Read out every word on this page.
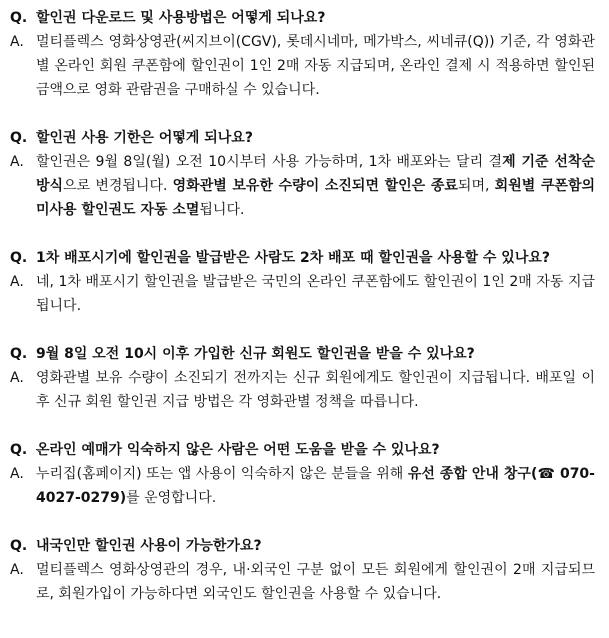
Q. 할인권 다운로드 및 사용방법은 어떻게 되나요?
A. 멀티플렉스 영화상영관(씨지브이(CGV), 롯데시네마, 메가박스, 씨네큐(Q)) 기준, 각 영화관별 온라인 회원 쿠폰함에 할인권이 1인 2매 자동 지급되며, 온라인 결제 시 적용하면 할인된 금액으로 영화 관람권을 구매하실 수 있습니다.
Q. 할인권 사용 기한은 어떻게 되나요?
A. 할인권은 9월 8일(월) 오전 10시부터 사용 가능하며, 1차 배포와는 달리 결제 기준 선착순 방식으로 변경됩니다. 영화관별 보유한 수량이 소진되면 할인은 종료되며, 회원별 쿠폰함의 미사용 할인권도 자동 소멸됩니다.
Q. 1차 배포시기에 할인권을 발급받은 사람도 2차 배포 때 할인권을 사용할 수 있나요?
A. 네, 1차 배포시기 할인권을 발급받은 국민의 온라인 쿠폰함에도 할인권이 1인 2매 자동 지급됩니다.
Q. 9월 8일 오전 10시 이후 가입한 신규 회원도 할인권을 받을 수 있나요?
A. 영화관별 보유 수량이 소진되기 전까지는 신규 회원에게도 할인권이 지급됩니다. 배포일 이후 신규 회원 할인권 지급 방법은 각 영화관별 정책을 따릅니다.
Q. 온라인 예매가 익숙하지 않은 사람은 어떤 도움을 받을 수 있나요?
A. 누리집(홈페이지) 또는 앱 사용이 익숙하지 않은 분들을 위해 유선 종합 안내 창구(☎ 070-4027-0279)를 운영합니다.
Q. 내국인만 할인권 사용이 가능한가요?
A. 멀티플렉스 영화상영관의 경우, 내·외국인 구분 없이 모든 회원에게 할인권이 2매 지급되므로, 회원가입이 가능하다면 외국인도 할인권을 사용할 수 있습니다.
